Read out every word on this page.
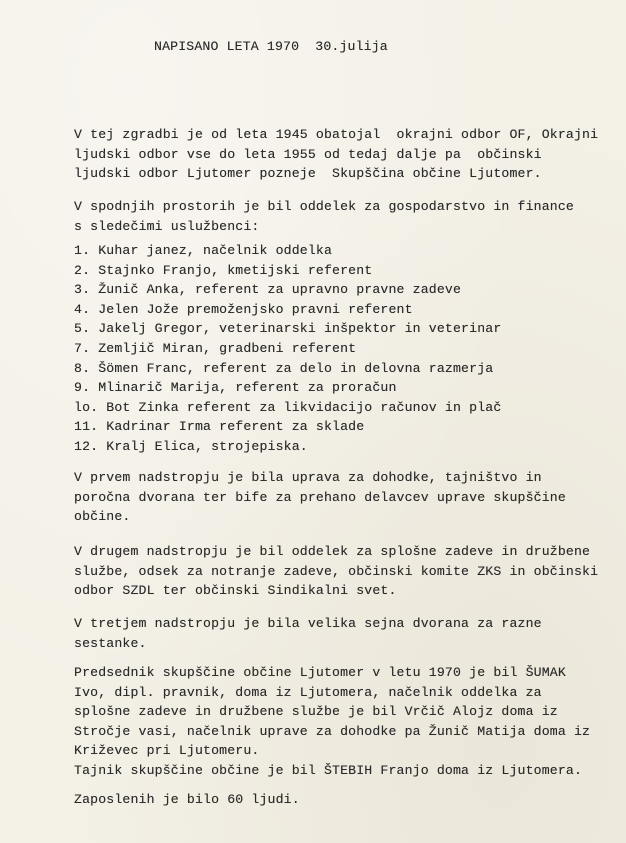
NAPISANO LETA 1970  30.julija
V tej zgradbi je od leta 1945 obatojal  okrajni odbor OF, Okrajni
ljudski odbor vse do leta 1955 od tedaj dalje pa  občinski
ljudski odbor Ljutomer pozneje  Skupščina občine Ljutomer.
V spodnjih prostorih je bil oddelek za gospodarstvo in finance
s sledečimi uslužbenci:
1. Kuhar janez, načelnik oddelka
2. Stajnko Franjo, kmetijski referent
3. Žunič Anka, referent za upravno pravne zadeve
4. Jelen Jože premoženjsko pravni referent
5. Jakelj Gregor, veterinarski inšpektor in veterinar
7. Zemljič Miran, gradbeni referent
8. Šömen Franc, referent za delo in delovna razmerja
9. Mlinarič Marija, referent za proračun
lo. Bot Zinka referent za likvidacijo računov in plač
11. Kadrinar Irma referent za sklade
12. Kralj Elica, strojepiska.
V prvem nadstropju je bila uprava za dohodke, tajništvo in
poročna dvorana ter bife za prehano delavcev uprave skupščine
občine.
V drugem nadstropju je bil oddelek za splošne zadeve in družbene
službe, odsek za notranje zadeve, občinski komite ZKS in občinski
odbor SZDL ter občinski Sindikalni svet.
V tretjem nadstropju je bila velika sejna dvorana za razne
sestanke.
Predsednik skupščine občine Ljutomer v letu 1970 je bil ŠUMAK
Ivo, dipl. pravnik, doma iz Ljutomera, načelnik oddelka za
splošne zadeve in družbene službe je bil Vrčič Alojz doma iz
Stročje vasi, načelnik uprave za dohodke pa Žunič Matija doma iz
Križevec pri Ljutomeru.
Tajnik skupščine občine je bil ŠTEBIH Franjo doma iz Ljutomera.
Zaposlenih je bilo 60 ljudi.
